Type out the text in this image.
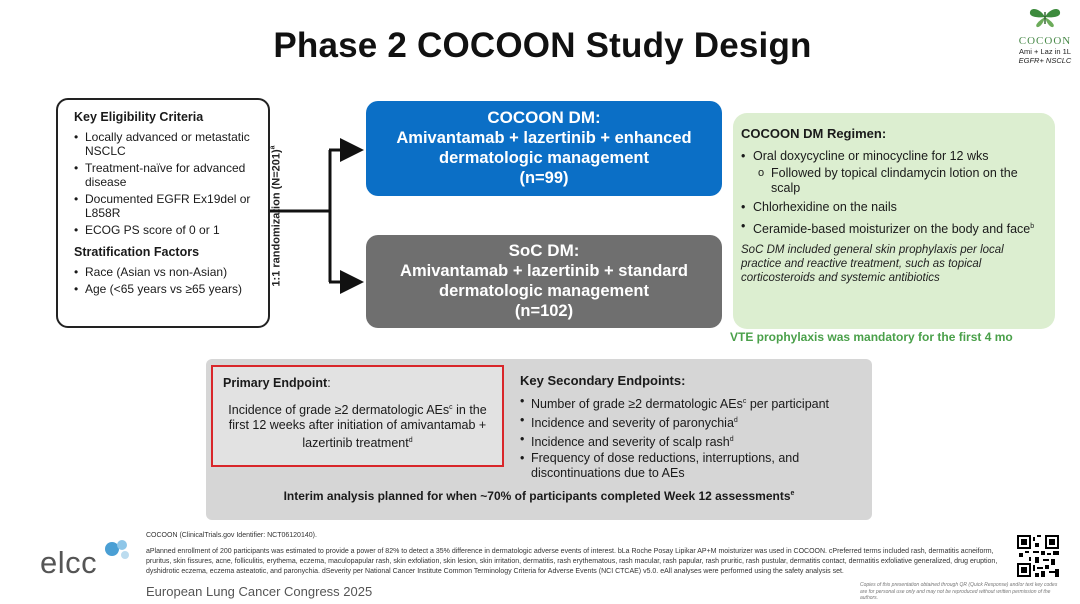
Phase 2 COCOON Study Design	COCOON
Ami + Laz in 1L
EGFR+ NSCLC
Key Eligibility Criteria
• Locally advanced or metastatic NSCLC
• Treatment-naïve for advanced disease
• Documented EGFR Ex19del or L858R
• ECOG PS score of 0 or 1
Stratification Factors
• Race (Asian vs non-Asian)
• Age (<65 years vs ≥65 years)
1:1 randomization (N=201)$^a$
COCOON DM:
Amivantamab + lazertinib + enhanced
dermatologic management
(n=99)
SoC DM:
Amivantamab + lazertinib + standard
dermatologic management
(n=102)
COCOON DM Regimen:
• Oral doxycycline or minocycline for 12 wks
o Followed by topical clindamycin lotion on the scalp
• Chlorhexidine on the nails
• Ceramide-based moisturizer on the body and face$^b$
SoC DM included general skin prophylaxis per local practice and reactive treatment, such as topical corticosteroids and systemic antibiotics
VTE prophylaxis was mandatory for the first 4 mo
Primary Endpoint:
Incidence of grade ≥2 dermatologic AEs$^c$ in the first 12 weeks after initiation of amivantamab + lazertinib treatment$^d$
Key Secondary Endpoints:
• Number of grade ≥2 dermatologic AEs$^c$ per participant
• Incidence and severity of paronychia$^d$
• Incidence and severity of scalp rash$^d$
• Frequency of dose reductions, interruptions, and discontinuations due to AEs
Interim analysis planned for when ~70% of participants completed Week 12 assessments$^e$
COCOON (ClinicalTrials.gov Identifier: NCT06120140).
aPlanned enrollment of 200 participants was estimated to provide a power of 82% to detect a 35% difference in dermatologic adverse events of interest. bLa Roche Posay Lipikar AP+M moisturizer was used in COCOON. cPreferred terms included rash, dermatitis acneiform, pruritus, skin fissures, acne, folliculitis, erythema, eczema, maculopapular rash, skin exfoliation, skin lesion, skin irritation, dermatitis, rash erythematous, rash macular, rash papular, rash pruritic, rash pustular, dermatitis contact, dermatitis exfoliative generalized, drug eruption, dyshidrotic eczema, eczema asteatotic, and paronychia. dSeverity per National Cancer Institute Common Terminology Criteria for Adverse Events (NCI CTCAE) v5.0. eAll analyses were performed using the safety analysis set.
elcc
European Lung Cancer Congress 2025	Copies of this presentation obtained through QR (Quick Response) and/or text key codes are for personal use only and may not be reproduced without written permission of the authors.
